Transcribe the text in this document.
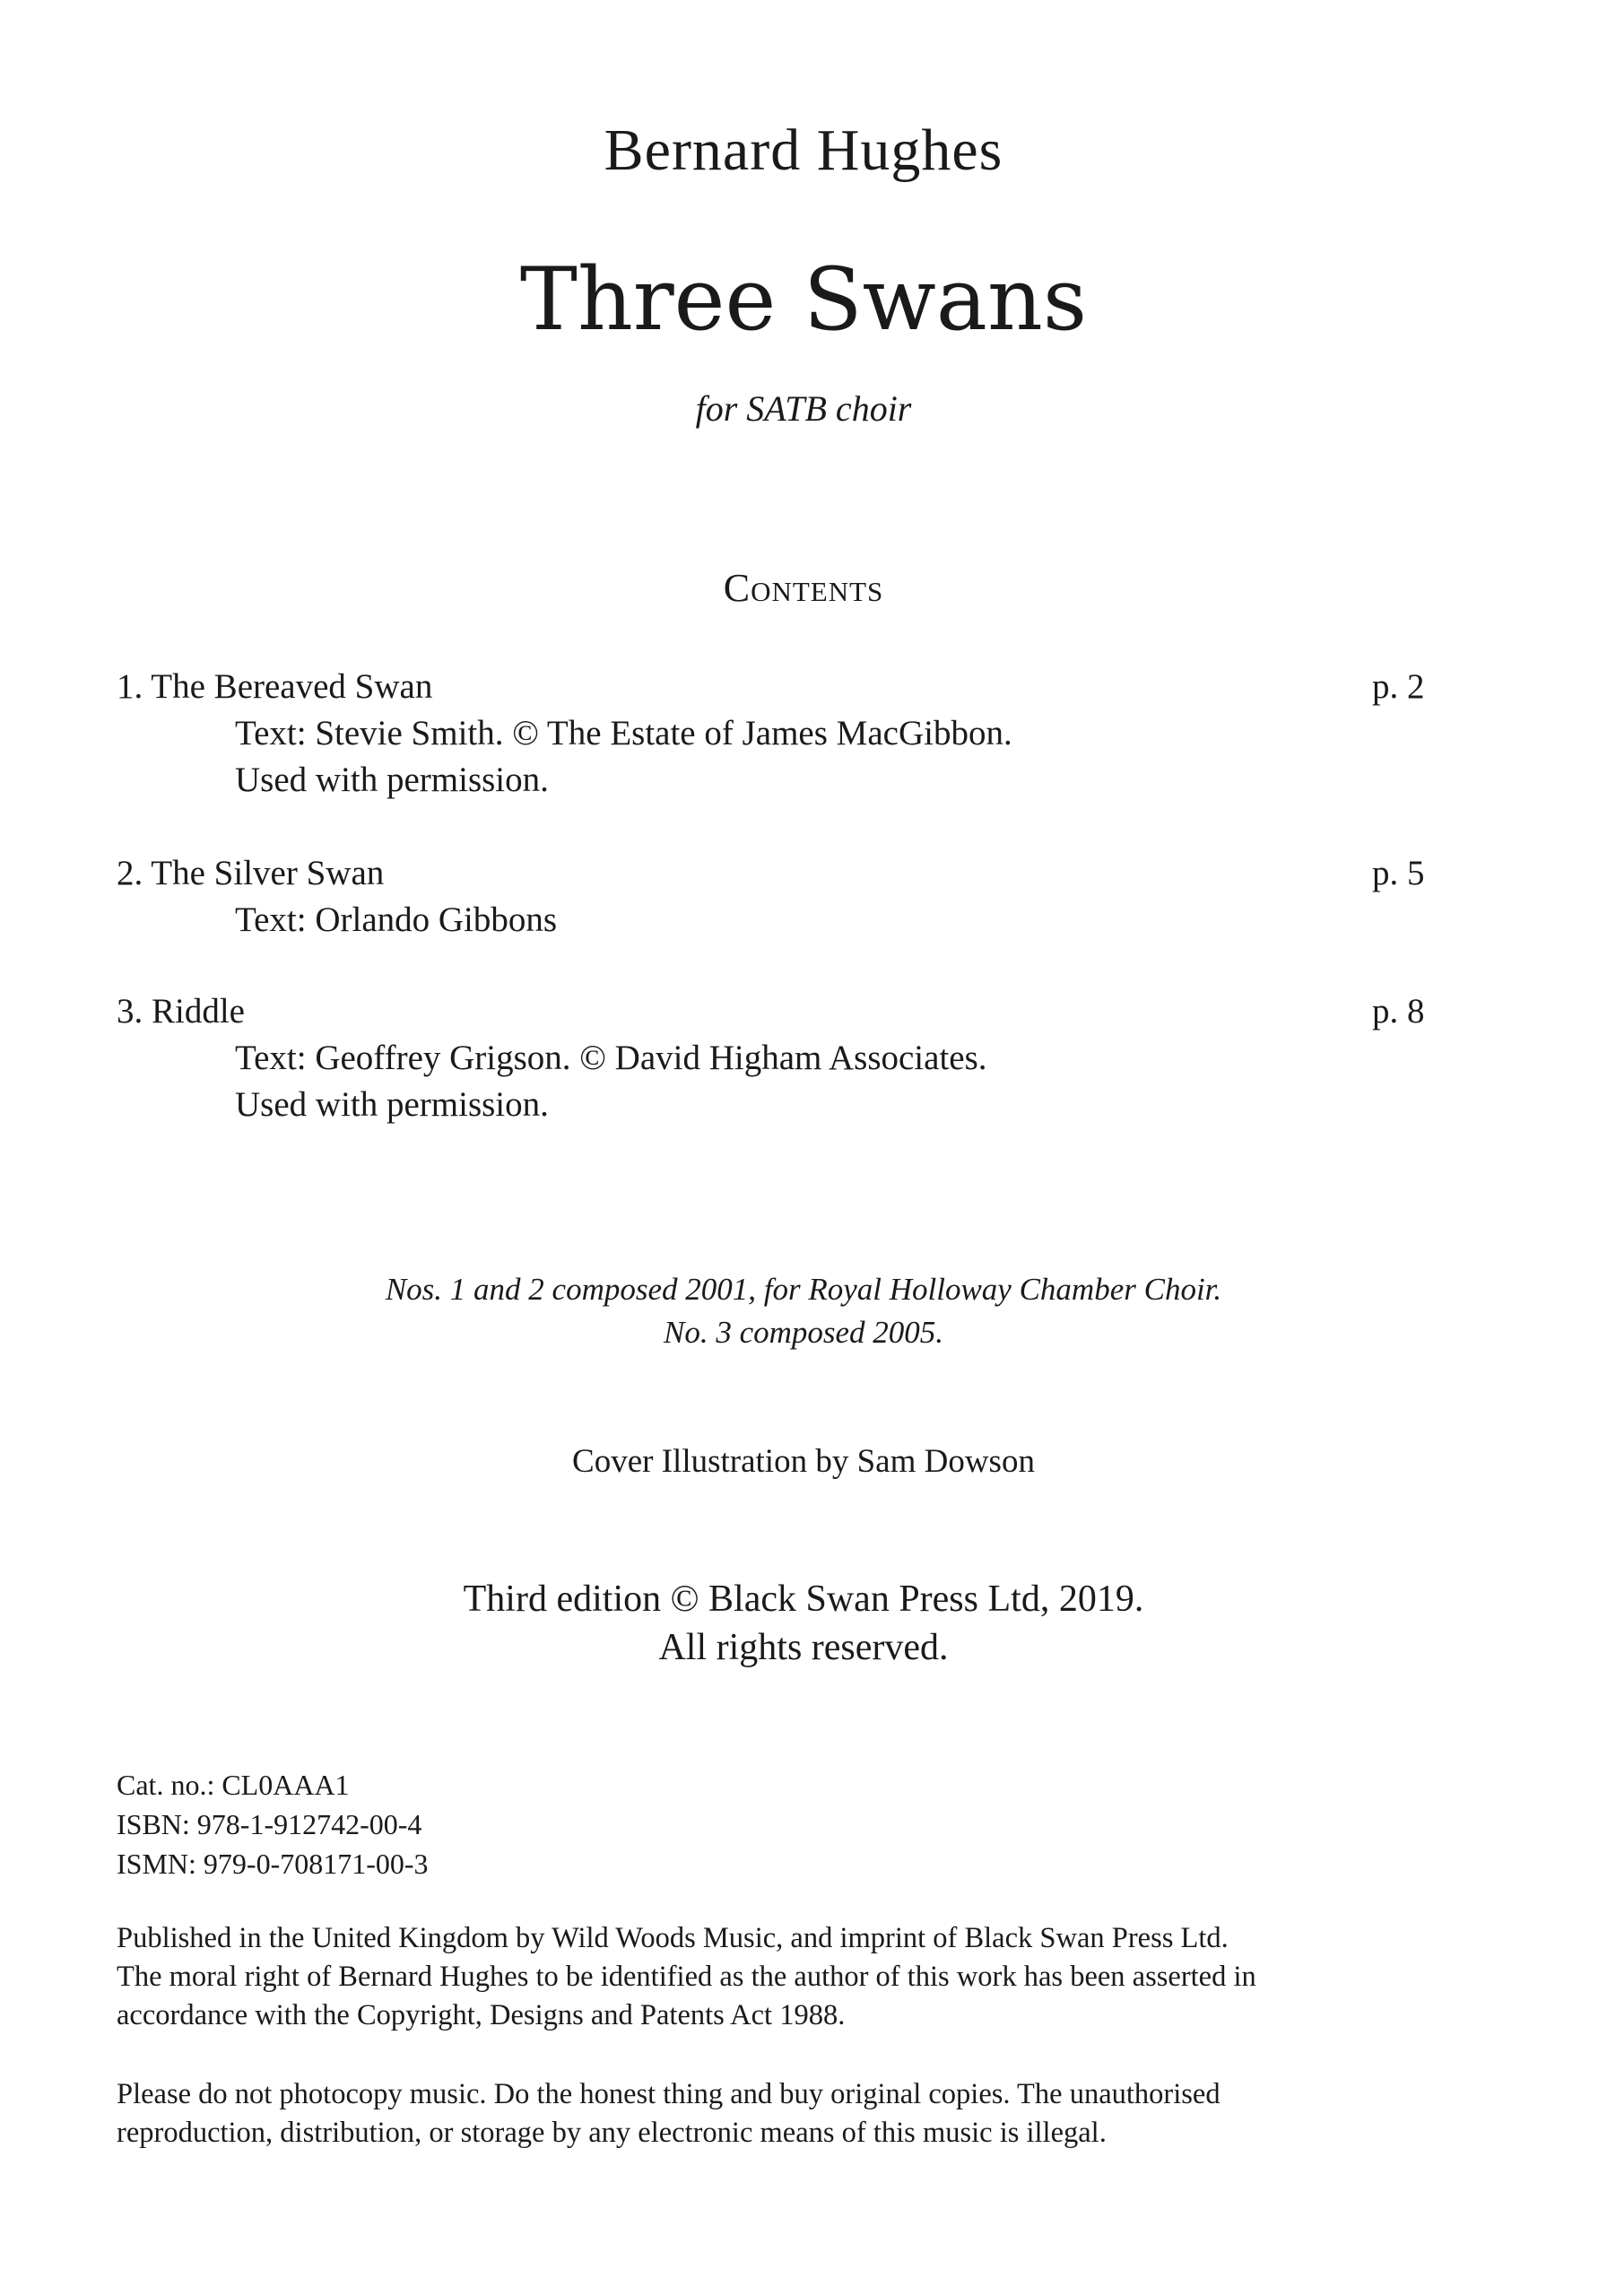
Bernard Hughes
Three Swans
for SATB choir
Contents
1. The Bereaved Swan	p. 2
Text: Stevie Smith. © The Estate of James MacGibbon.
Used with permission.
2. The Silver Swan	p. 5
Text: Orlando Gibbons
3. Riddle	p. 8
Text: Geoffrey Grigson. © David Higham Associates.
Used with permission.
Nos. 1 and 2 composed 2001, for Royal Holloway Chamber Choir.
No. 3 composed 2005.
Cover Illustration by Sam Dowson
Third edition © Black Swan Press Ltd, 2019.
All rights reserved.
Cat. no.: CL0AAA1
ISBN: 978-1-912742-00-4
ISMN: 979-0-708171-00-3
Published in the United Kingdom by Wild Woods Music, and imprint of Black Swan Press Ltd.
The moral right of Bernard Hughes to be identified as the author of this work has been asserted in
accordance with the Copyright, Designs and Patents Act 1988.
Please do not photocopy music. Do the honest thing and buy original copies. The unauthorised
reproduction, distribution, or storage by any electronic means of this music is illegal.
